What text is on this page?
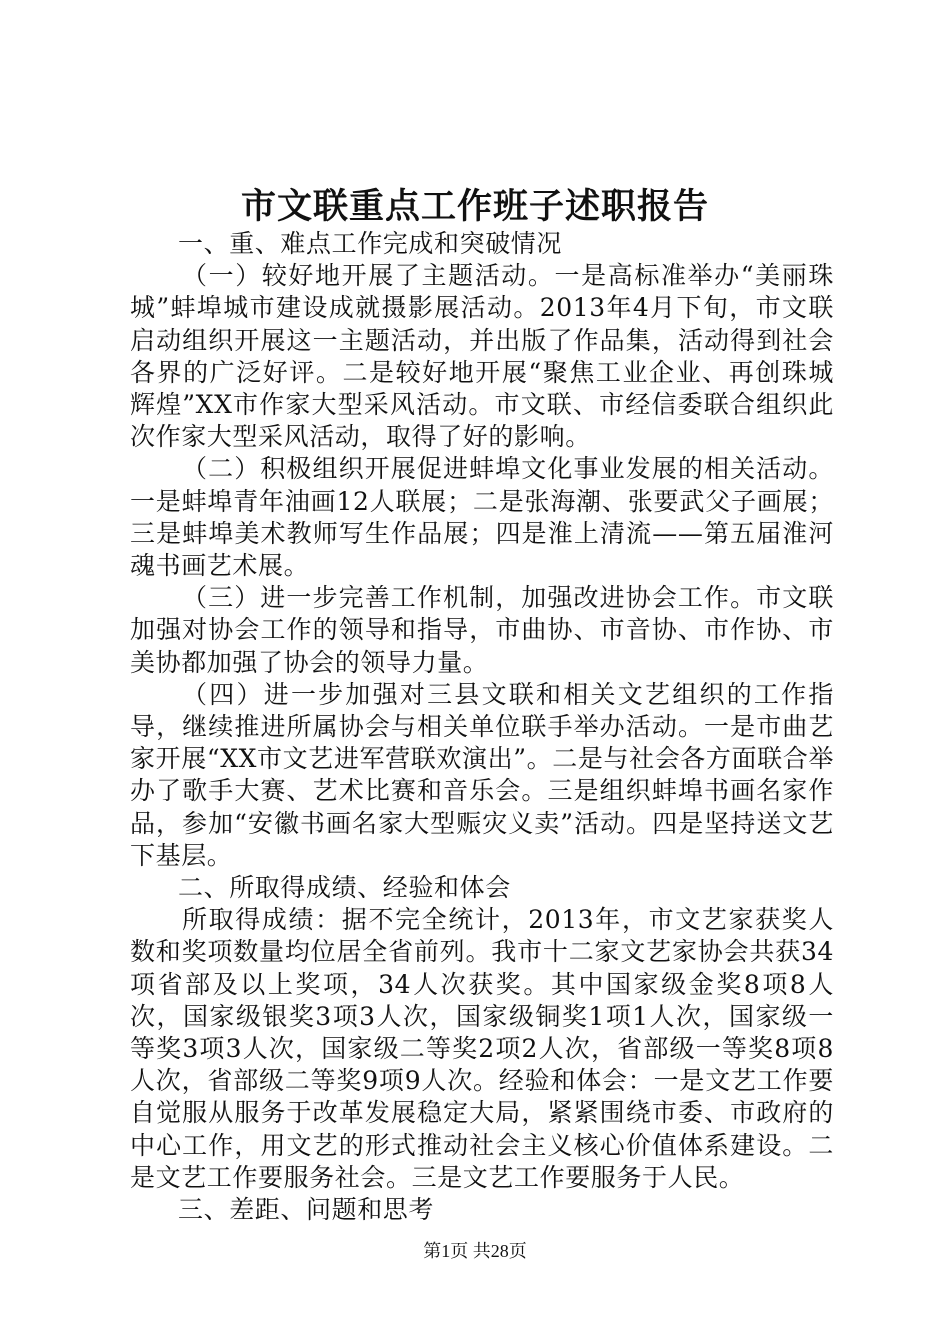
市文联重点工作班子述职报告

一、重、难点工作完成和突破情况

（一）较好地开展了主题活动。一是高标准举办“美丽珠城”蚌埠城市建设成就摄影展活动。2013年4月下旬，市文联启动组织开展这一主题活动，并出版了作品集，活动得到社会各界的广泛好评。二是较好地开展“聚焦工业企业、再创珠城辉煌”XX市作家大型采风活动。市文联、市经信委联合组织此次作家大型采风活动，取得了好的影响。

（二）积极组织开展促进蚌埠文化事业发展的相关活动。一是蚌埠青年油画12人联展；二是张海潮、张要武父子画展；三是蚌埠美术教师写生作品展；四是淮上清流——第五届淮河魂书画艺术展。

（三）进一步完善工作机制，加强改进协会工作。市文联加强对协会工作的领导和指导，市曲协、市音协、市作协、市美协都加强了协会的领导力量。

（四）进一步加强对三县文联和相关文艺组织的工作指导，继续推进所属协会与相关单位联手举办活动。一是市曲艺家开展“XX市文艺进军营联欢演出”。二是与社会各方面联合举办了歌手大赛、艺术比赛和音乐会。三是组织蚌埠书画名家作品，参加“安徽书画名家大型赈灾义卖”活动。四是坚持送文艺下基层。

二、所取得成绩、经验和体会

所取得成绩：据不完全统计，2013年，市文艺家获奖人数和奖项数量均位居全省前列。我市十二家文艺家协会共获34项省部及以上奖项，34人次获奖。其中国家级金奖8项8人次，国家级银奖3项3人次，国家级铜奖1项1人次，国家级一等奖3项3人次，国家级二等奖2项2人次，省部级一等奖8项8人次，省部级二等奖9项9人次。经验和体会：一是文艺工作要自觉服从服务于改革发展稳定大局，紧紧围绕市委、市政府的中心工作，用文艺的形式推动社会主义核心价值体系建设。二是文艺工作要服务社会。三是文艺工作要服务于人民。

三、差距、问题和思考

第1页 共28页
